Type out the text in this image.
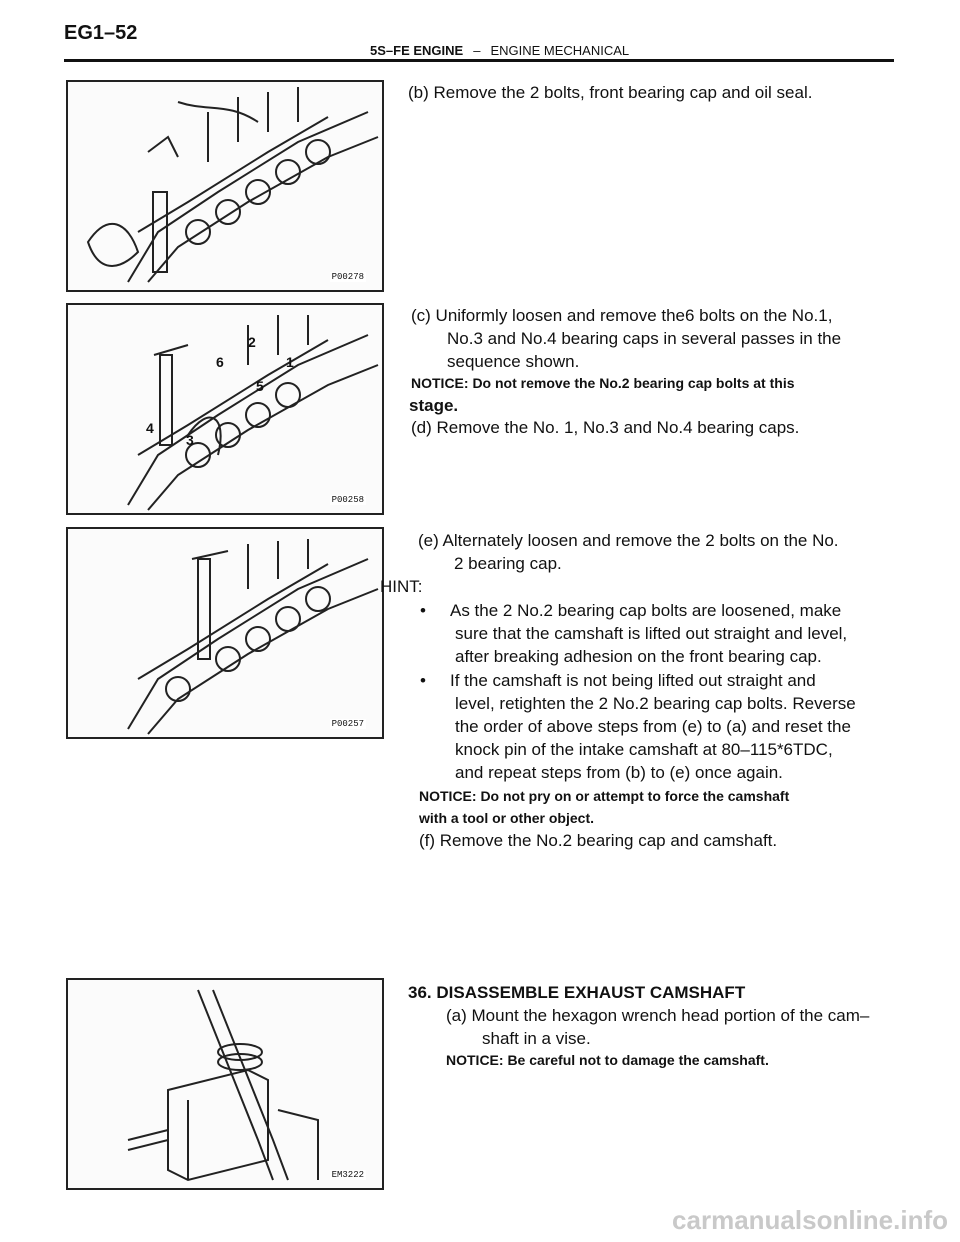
EG1–52
5S–FE ENGINE – ENGINE MECHANICAL
P00278
(b) Remove the 2 bolts, front bearing cap and oil seal.
1
2
3
4
5
6
P00258
(c) Uniformly loosen and remove the6 bolts on the No.1,
No.3 and No.4 bearing caps in several passes in the
sequence shown.
NOTICE: Do not remove the No.2 bearing cap bolts at this
stage.
(d) Remove the No. 1, No.3 and No.4 bearing caps.
P00257
(e) Alternately loosen and remove the 2 bolts on the No.
2 bearing cap.
HINT:
• As the 2 No.2 bearing cap bolts are loosened, make
sure that the camshaft is lifted out straight and level,
after breaking adhesion on the front bearing cap.
• If the camshaft is not being lifted out straight and
level, retighten the 2 No.2 bearing cap bolts. Reverse
the order of above steps from (e) to (a) and reset the
knock pin of the intake camshaft at 80–115*6TDC,
and repeat steps from (b) to (e) once again.
NOTICE: Do not pry on or attempt to force the camshaft
with a tool or other object.
(f) Remove the No.2 bearing cap and camshaft.
EM3222
36. DISASSEMBLE EXHAUST CAMSHAFT
(a) Mount the hexagon wrench head portion of the cam–
shaft in a vise.
NOTICE: Be careful not to damage the camshaft.
carmanualsonline.info
